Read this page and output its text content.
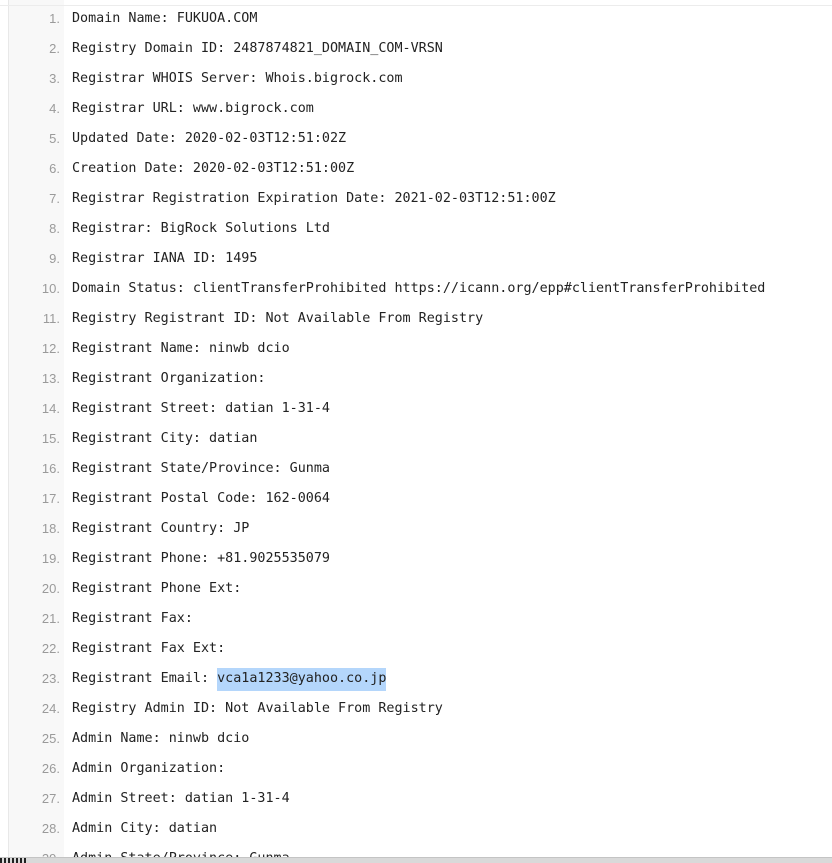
1. Domain Name: FUKUOA.COM
2. Registry Domain ID: 2487874821_DOMAIN_COM-VRSN
3. Registrar WHOIS Server: Whois.bigrock.com
4. Registrar URL: www.bigrock.com
5. Updated Date: 2020-02-03T12:51:02Z
6. Creation Date: 2020-02-03T12:51:00Z
7. Registrar Registration Expiration Date: 2021-02-03T12:51:00Z
8. Registrar: BigRock Solutions Ltd
9. Registrar IANA ID: 1495
10. Domain Status: clientTransferProhibited https://icann.org/epp#clientTransferProhibited
11. Registry Registrant ID: Not Available From Registry
12. Registrant Name: ninwb dcio
13. Registrant Organization:
14. Registrant Street: datian 1-31-4
15. Registrant City: datian
16. Registrant State/Province: Gunma
17. Registrant Postal Code: 162-0064
18. Registrant Country: JP
19. Registrant Phone: +81.9025535079
20. Registrant Phone Ext:
21. Registrant Fax:
22. Registrant Fax Ext:
23. Registrant Email: vca1a1233@yahoo.co.jp
24. Registry Admin ID: Not Available From Registry
25. Admin Name: ninwb dcio
26. Admin Organization:
27. Admin Street: datian 1-31-4
28. Admin City: datian
